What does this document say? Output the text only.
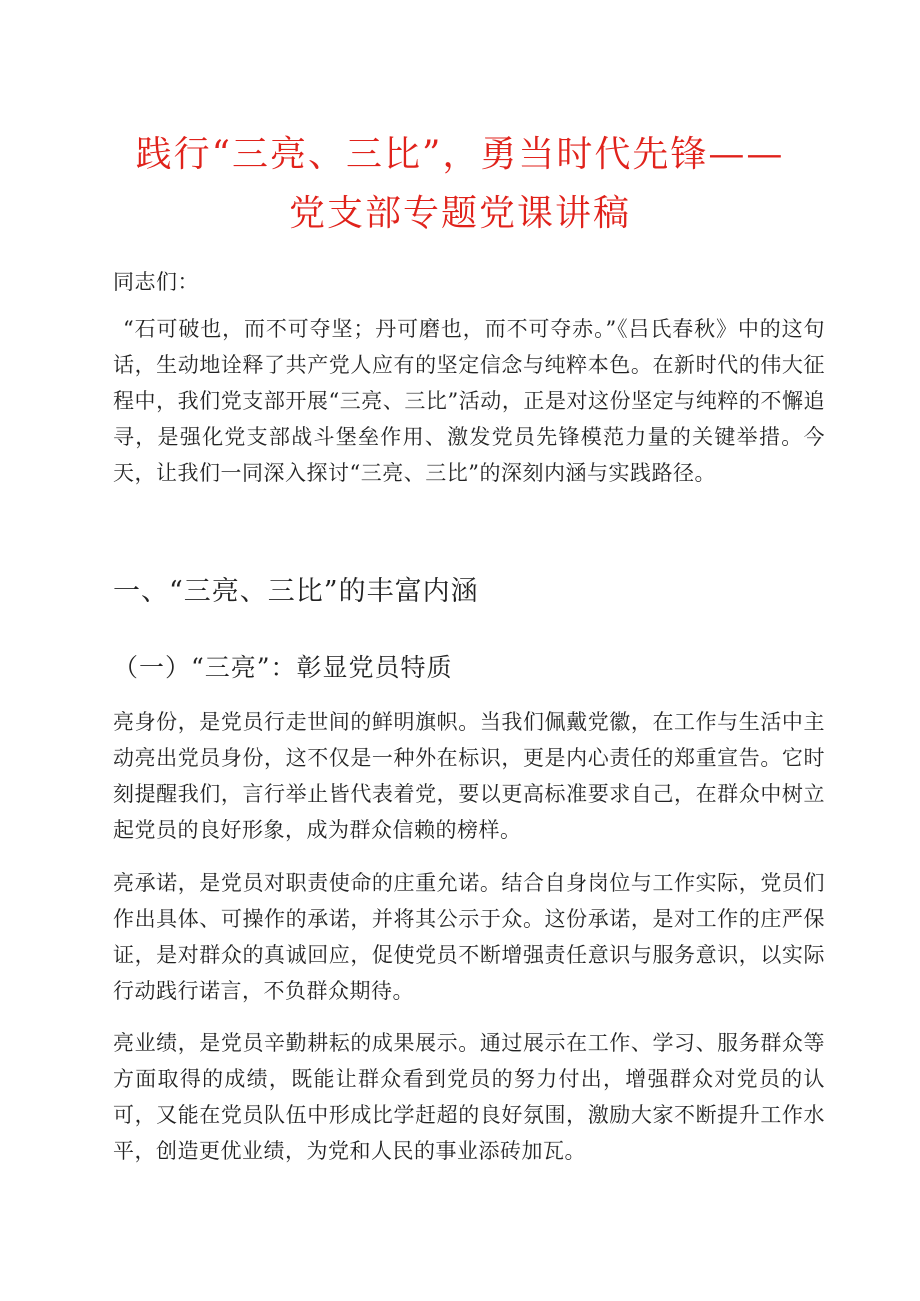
践行“三亮、三比”，勇当时代先锋——
党支部专题党课讲稿

同志们：

“石可破也，而不可夺坚；丹可磨也，而不可夺赤。”《吕氏春秋》中的这句话，生动地诠释了共产党人应有的坚定信念与纯粹本色。在新时代的伟大征程中，我们党支部开展“三亮、三比”活动，正是对这份坚定与纯粹的不懈追寻，是强化党支部战斗堡垒作用、激发党员先锋模范力量的关键举措。今天，让我们一同深入探讨“三亮、三比”的深刻内涵与实践路径。

一、“三亮、三比”的丰富内涵
（一）“三亮”：彰显党员特质

亮身份，是党员行走世间的鲜明旗帜。当我们佩戴党徽，在工作与生活中主动亮出党员身份，这不仅是一种外在标识，更是内心责任的郑重宣告。它时刻提醒我们，言行举止皆代表着党，要以更高标准要求自己，在群众中树立起党员的良好形象，成为群众信赖的榜样。

亮承诺，是党员对职责使命的庄重允诺。结合自身岗位与工作实际，党员们作出具体、可操作的承诺，并将其公示于众。这份承诺，是对工作的庄严保证，是对群众的真诚回应，促使党员不断增强责任意识与服务意识，以实际行动践行诺言，不负群众期待。

亮业绩，是党员辛勤耕耘的成果展示。通过展示在工作、学习、服务群众等方面取得的成绩，既能让群众看到党员的努力付出，增强群众对党员的认可，又能在党员队伍中形成比学赶超的良好氛围，激励大家不断提升工作水平，创造更优业绩，为党和人民的事业添砖加瓦。
